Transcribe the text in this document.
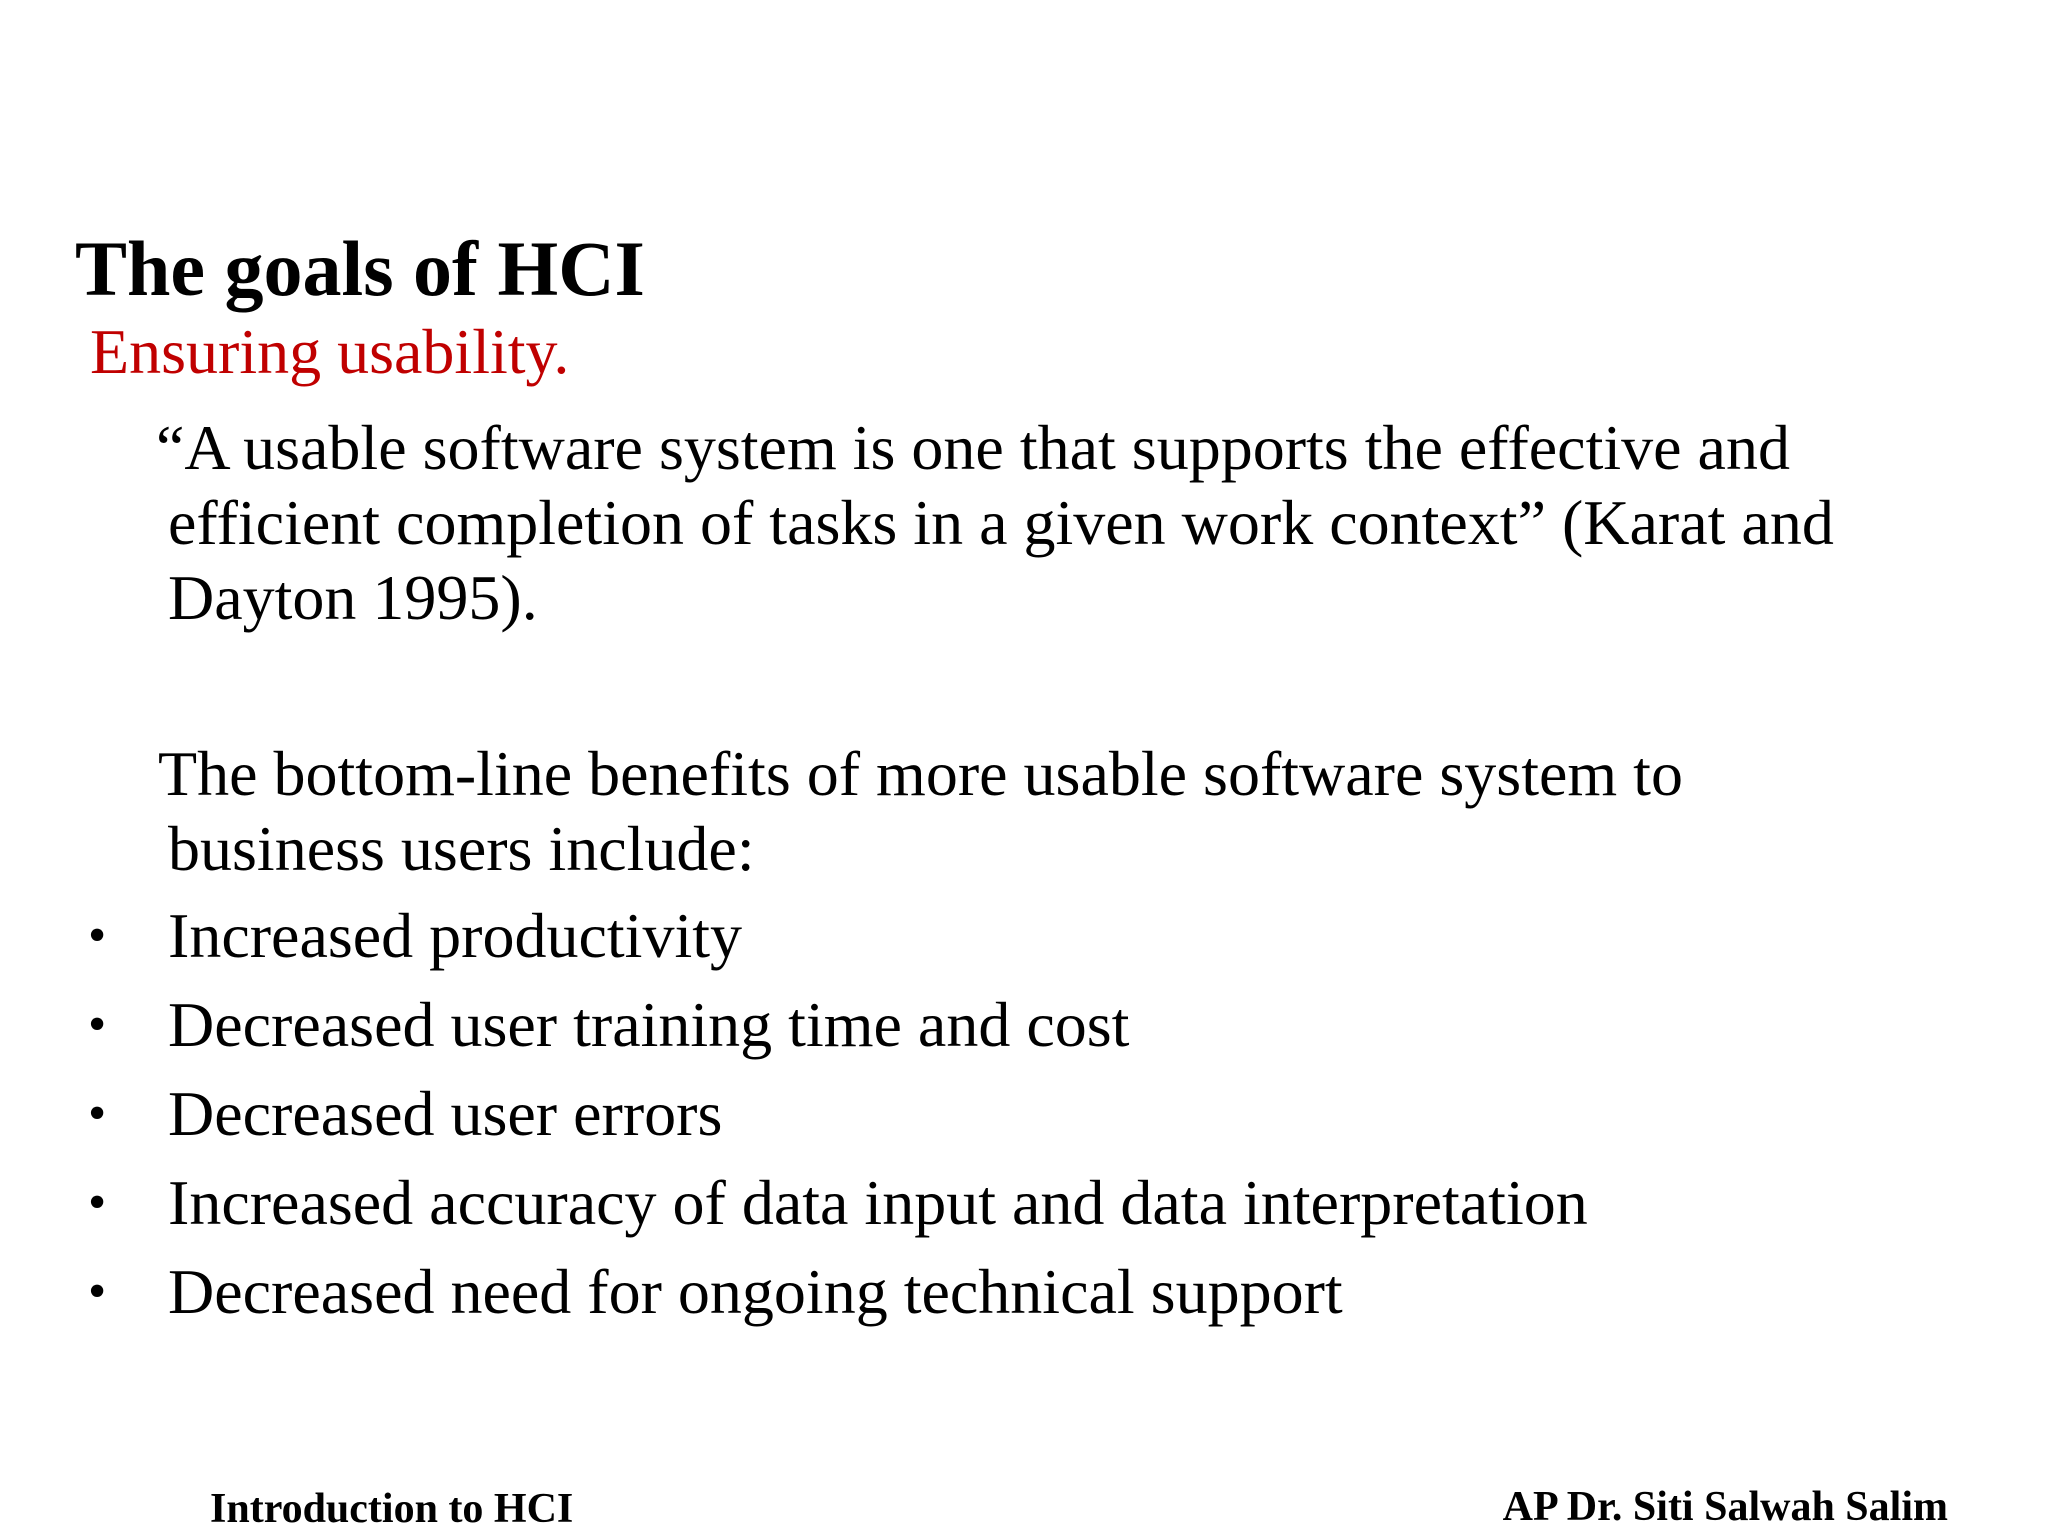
The goals of HCI
Ensuring usability.
“A usable software system is one that supports the effective and
efficient completion of tasks in a given work context” (Karat and
Dayton 1995).
The bottom-line benefits of more usable software system to
business users include:
• Increased productivity
• Decreased user training time and cost
• Decreased user errors
• Increased accuracy of data input and data interpretation
• Decreased need for ongoing technical support
Introduction to HCI	AP Dr. Siti Salwah Salim
